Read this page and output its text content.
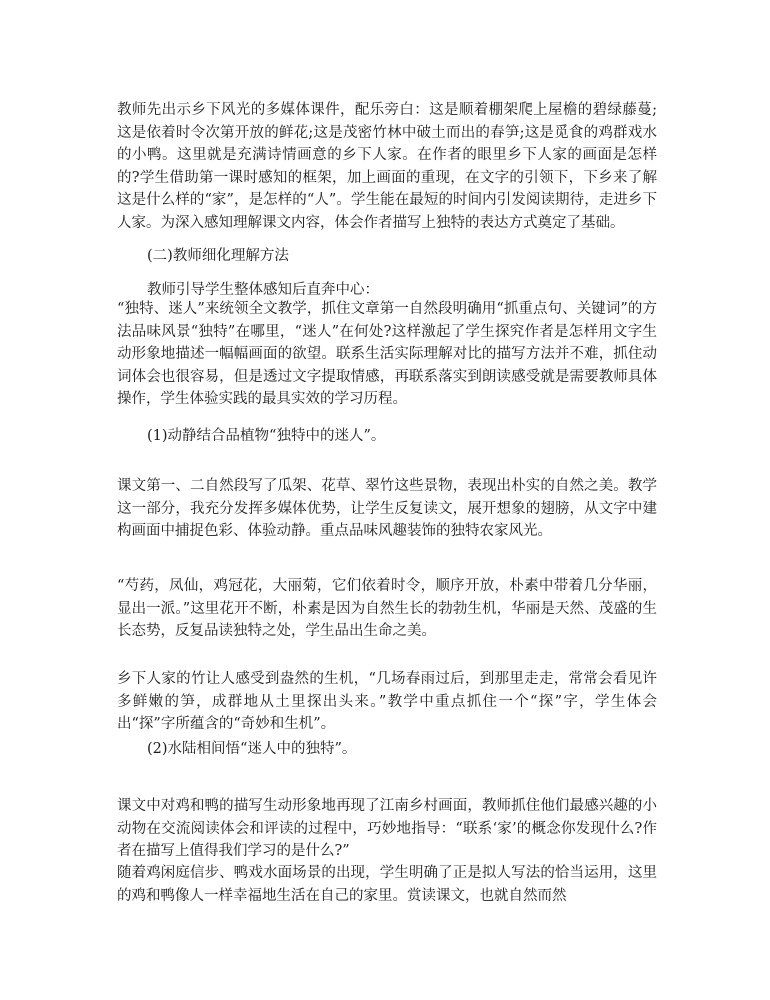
教师先出示乡下风光的多媒体课件，配乐旁白：这是顺着棚架爬上屋檐的碧绿藤蔓;这是依着时令次第开放的鲜花;这是茂密竹林中破土而出的春笋;这是觅食的鸡群戏水的小鸭。这里就是充满诗情画意的乡下人家。在作者的眼里乡下人家的画面是怎样的?学生借助第一课时感知的框架，加上画面的重现，在文字的引领下，下乡来了解这是什么样的“家”，是怎样的“人”。学生能在最短的时间内引发阅读期待，走进乡下人家。为深入感知理解课文内容，体会作者描写上独特的表达方式奠定了基础。

(二)教师细化理解方法

教师引导学生整体感知后直奔中心：

“独特、迷人”来统领全文教学，抓住文章第一自然段明确用“抓重点句、关键词”的方法品味风景“独特”在哪里，“迷人”在何处?这样激起了学生探究作者是怎样用文字生动形象地描述一幅幅画面的欲望。联系生活实际理解对比的描写方法并不难，抓住动词体会也很容易，但是透过文字提取情感，再联系落实到朗读感受就是需要教师具体操作，学生体验实践的最具实效的学习历程。

(1)动静结合品植物“独特中的迷人”。

课文第一、二自然段写了瓜架、花草、翠竹这些景物，表现出朴实的自然之美。教学这一部分，我充分发挥多媒体优势，让学生反复读文，展开想象的翅膀，从文字中建构画面中捕捉色彩、体验动静。重点品味风趣装饰的独特农家风光。

“芍药，凤仙，鸡冠花，大丽菊，它们依着时令，顺序开放，朴素中带着几分华丽，显出一派。”这里花开不断，朴素是因为自然生长的勃勃生机，华丽是天然、茂盛的生长态势，反复品读独特之处，学生品出生命之美。

乡下人家的竹让人感受到盎然的生机，“几场春雨过后，到那里走走，常常会看见许多鲜嫩的笋，成群地从土里探出头来。”教学中重点抓住一个“探”字，学生体会出“探”字所蕴含的“奇妙和生机”。

(2)水陆相间悟“迷人中的独特”。

课文中对鸡和鸭的描写生动形象地再现了江南乡村画面，教师抓住他们最感兴趣的小动物在交流阅读体会和评读的过程中，巧妙地指导：“联系‘家’的概念你发现什么?作者在描写上值得我们学习的是什么?”

随着鸡闲庭信步、鸭戏水面场景的出现，学生明确了正是拟人写法的恰当运用，这里的鸡和鸭像人一样幸福地生活在自己的家里。赏读课文，也就自然而然
